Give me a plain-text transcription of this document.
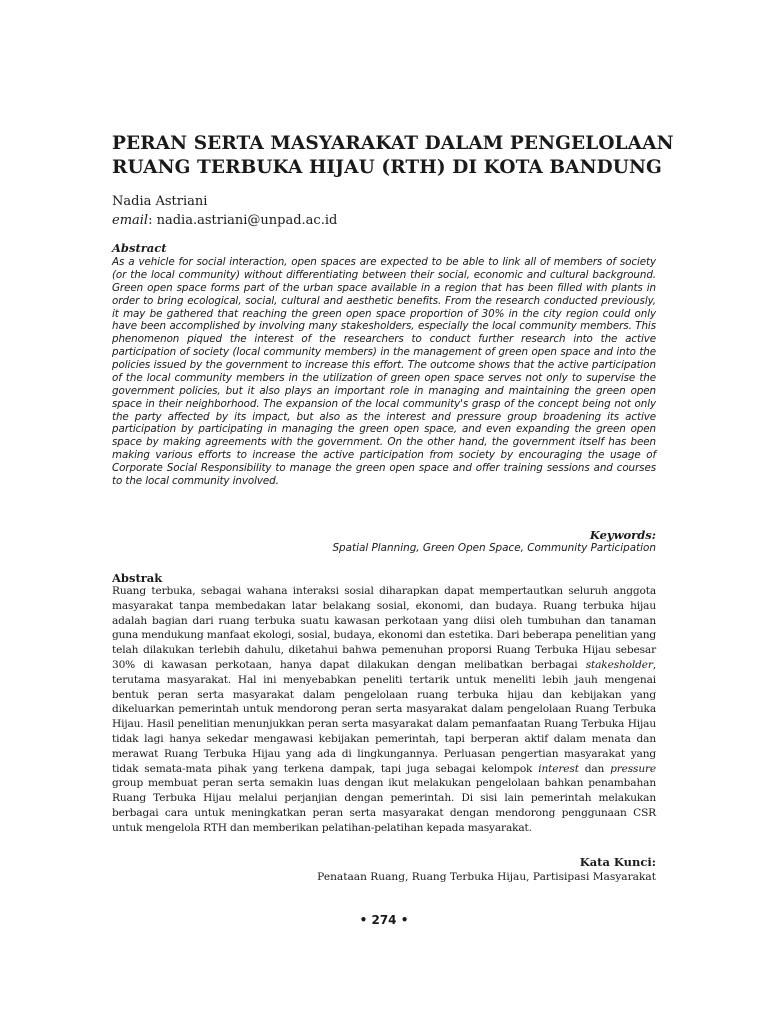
PERAN SERTA MASYARAKAT DALAM PENGELOLAAN
RUANG TERBUKA HIJAU (RTH) DI KOTA BANDUNG
Nadia Astriani
email: nadia.astriani@unpad.ac.id
Abstract
As a vehicle for social interaction, open spaces are expected to be able to link all of members of society (or the local community) without differentiating between their social, economic and cultural background. Green open space forms part of the urban space available in a region that has been filled with plants in order to bring ecological, social, cultural and aesthetic benefits. From the research conducted previously, it may be gathered that reaching the green open space proportion of 30% in the city region could only have been accomplished by involving many stakesholders, especially the local community members. This phenomenon piqued the interest of the researchers to conduct further research into the active participation of society (local community members) in the management of green open space and into the policies issued by the government to increase this effort. The outcome shows that the active participation of the local community members in the utilization of green open space serves not only to supervise the government policies, but it also plays an important role in managing and maintaining the green open space in their neighborhood. The expansion of the local community's grasp of the concept being not only the party affected by its impact, but also as the interest and pressure group broadening its active participation by participating in managing the green open space, and even expanding the green open space by making agreements with the government. On the other hand, the government itself has been making various efforts to increase the active participation from society by encouraging the usage of Corporate Social Responsibility to manage the green open space and offer training sessions and courses to the local community involved.
Keywords:
Spatial Planning, Green Open Space, Community Participation
Abstrak
Ruang terbuka, sebagai wahana interaksi sosial diharapkan dapat mempertautkan seluruh anggota masyarakat tanpa membedakan latar belakang sosial, ekonomi, dan budaya. Ruang terbuka hijau adalah bagian dari ruang terbuka suatu kawasan perkotaan yang diisi oleh tumbuhan dan tanaman guna mendukung manfaat ekologi, sosial, budaya, ekonomi dan estetika. Dari beberapa penelitian yang telah dilakukan terlebih dahulu, diketahui bahwa pemenuhan proporsi Ruang Terbuka Hijau sebesar 30% di kawasan perkotaan, hanya dapat dilakukan dengan melibatkan berbagai stakesholder, terutama masyarakat. Hal ini menyebabkan peneliti tertarik untuk meneliti lebih jauh mengenai bentuk peran serta masyarakat dalam pengelolaan ruang terbuka hijau dan kebijakan yang dikeluarkan pemerintah untuk mendorong peran serta masyarakat dalam pengelolaan Ruang Terbuka Hijau. Hasil penelitian menunjukkan peran serta masyarakat dalam pemanfaatan Ruang Terbuka Hijau tidak lagi hanya sekedar mengawasi kebijakan pemerintah, tapi berperan aktif dalam menata dan merawat Ruang Terbuka Hijau yang ada di lingkungannya. Perluasan pengertian masyarakat yang tidak semata-mata pihak yang terkena dampak, tapi juga sebagai kelompok interest dan pressure group membuat peran serta semakin luas dengan ikut melakukan pengelolaan bahkan penambahan Ruang Terbuka Hijau melalui perjanjian dengan pemerintah. Di sisi lain pemerintah melakukan berbagai cara untuk meningkatkan peran serta masyarakat dengan mendorong penggunaan CSR untuk mengelola RTH dan memberikan pelatihan-pelatihan kepada masyarakat.
Kata Kunci:
Penataan Ruang, Ruang Terbuka Hijau, Partisipasi Masyarakat
• 274 •
